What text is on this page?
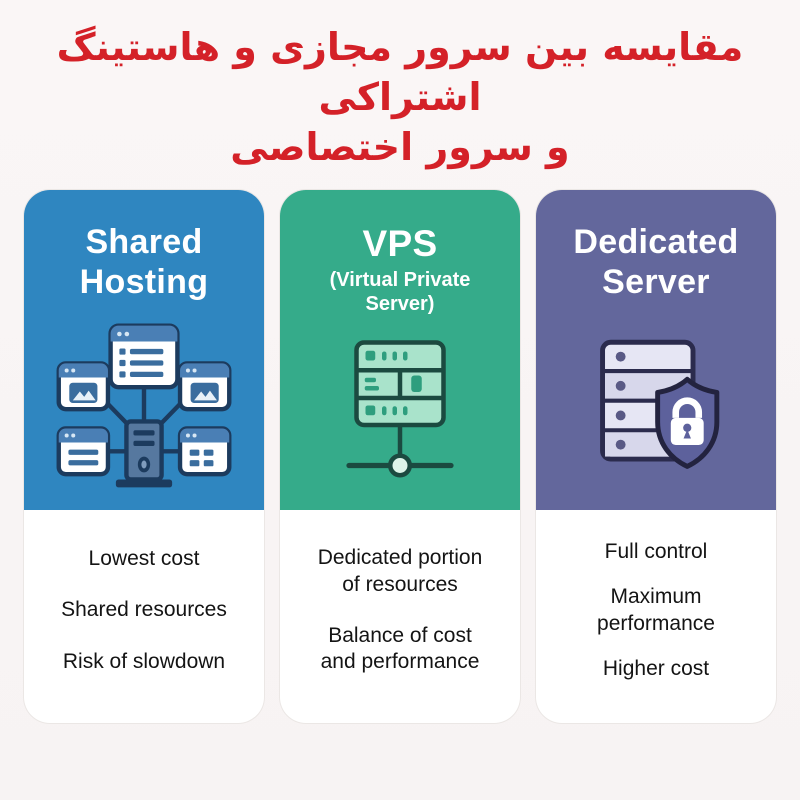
مقایسه بین سرور مجازی و هاستینگ اشتراکی
و سرور اختصاصی
Shared
Hosting
Lowest cost
Shared resources
Risk of slowdown
VPS
(Virtual Private Server)
Dedicated portion of resources
Balance of cost and performance
Dedicated
Server
Full control
Maximum performance
Higher cost
